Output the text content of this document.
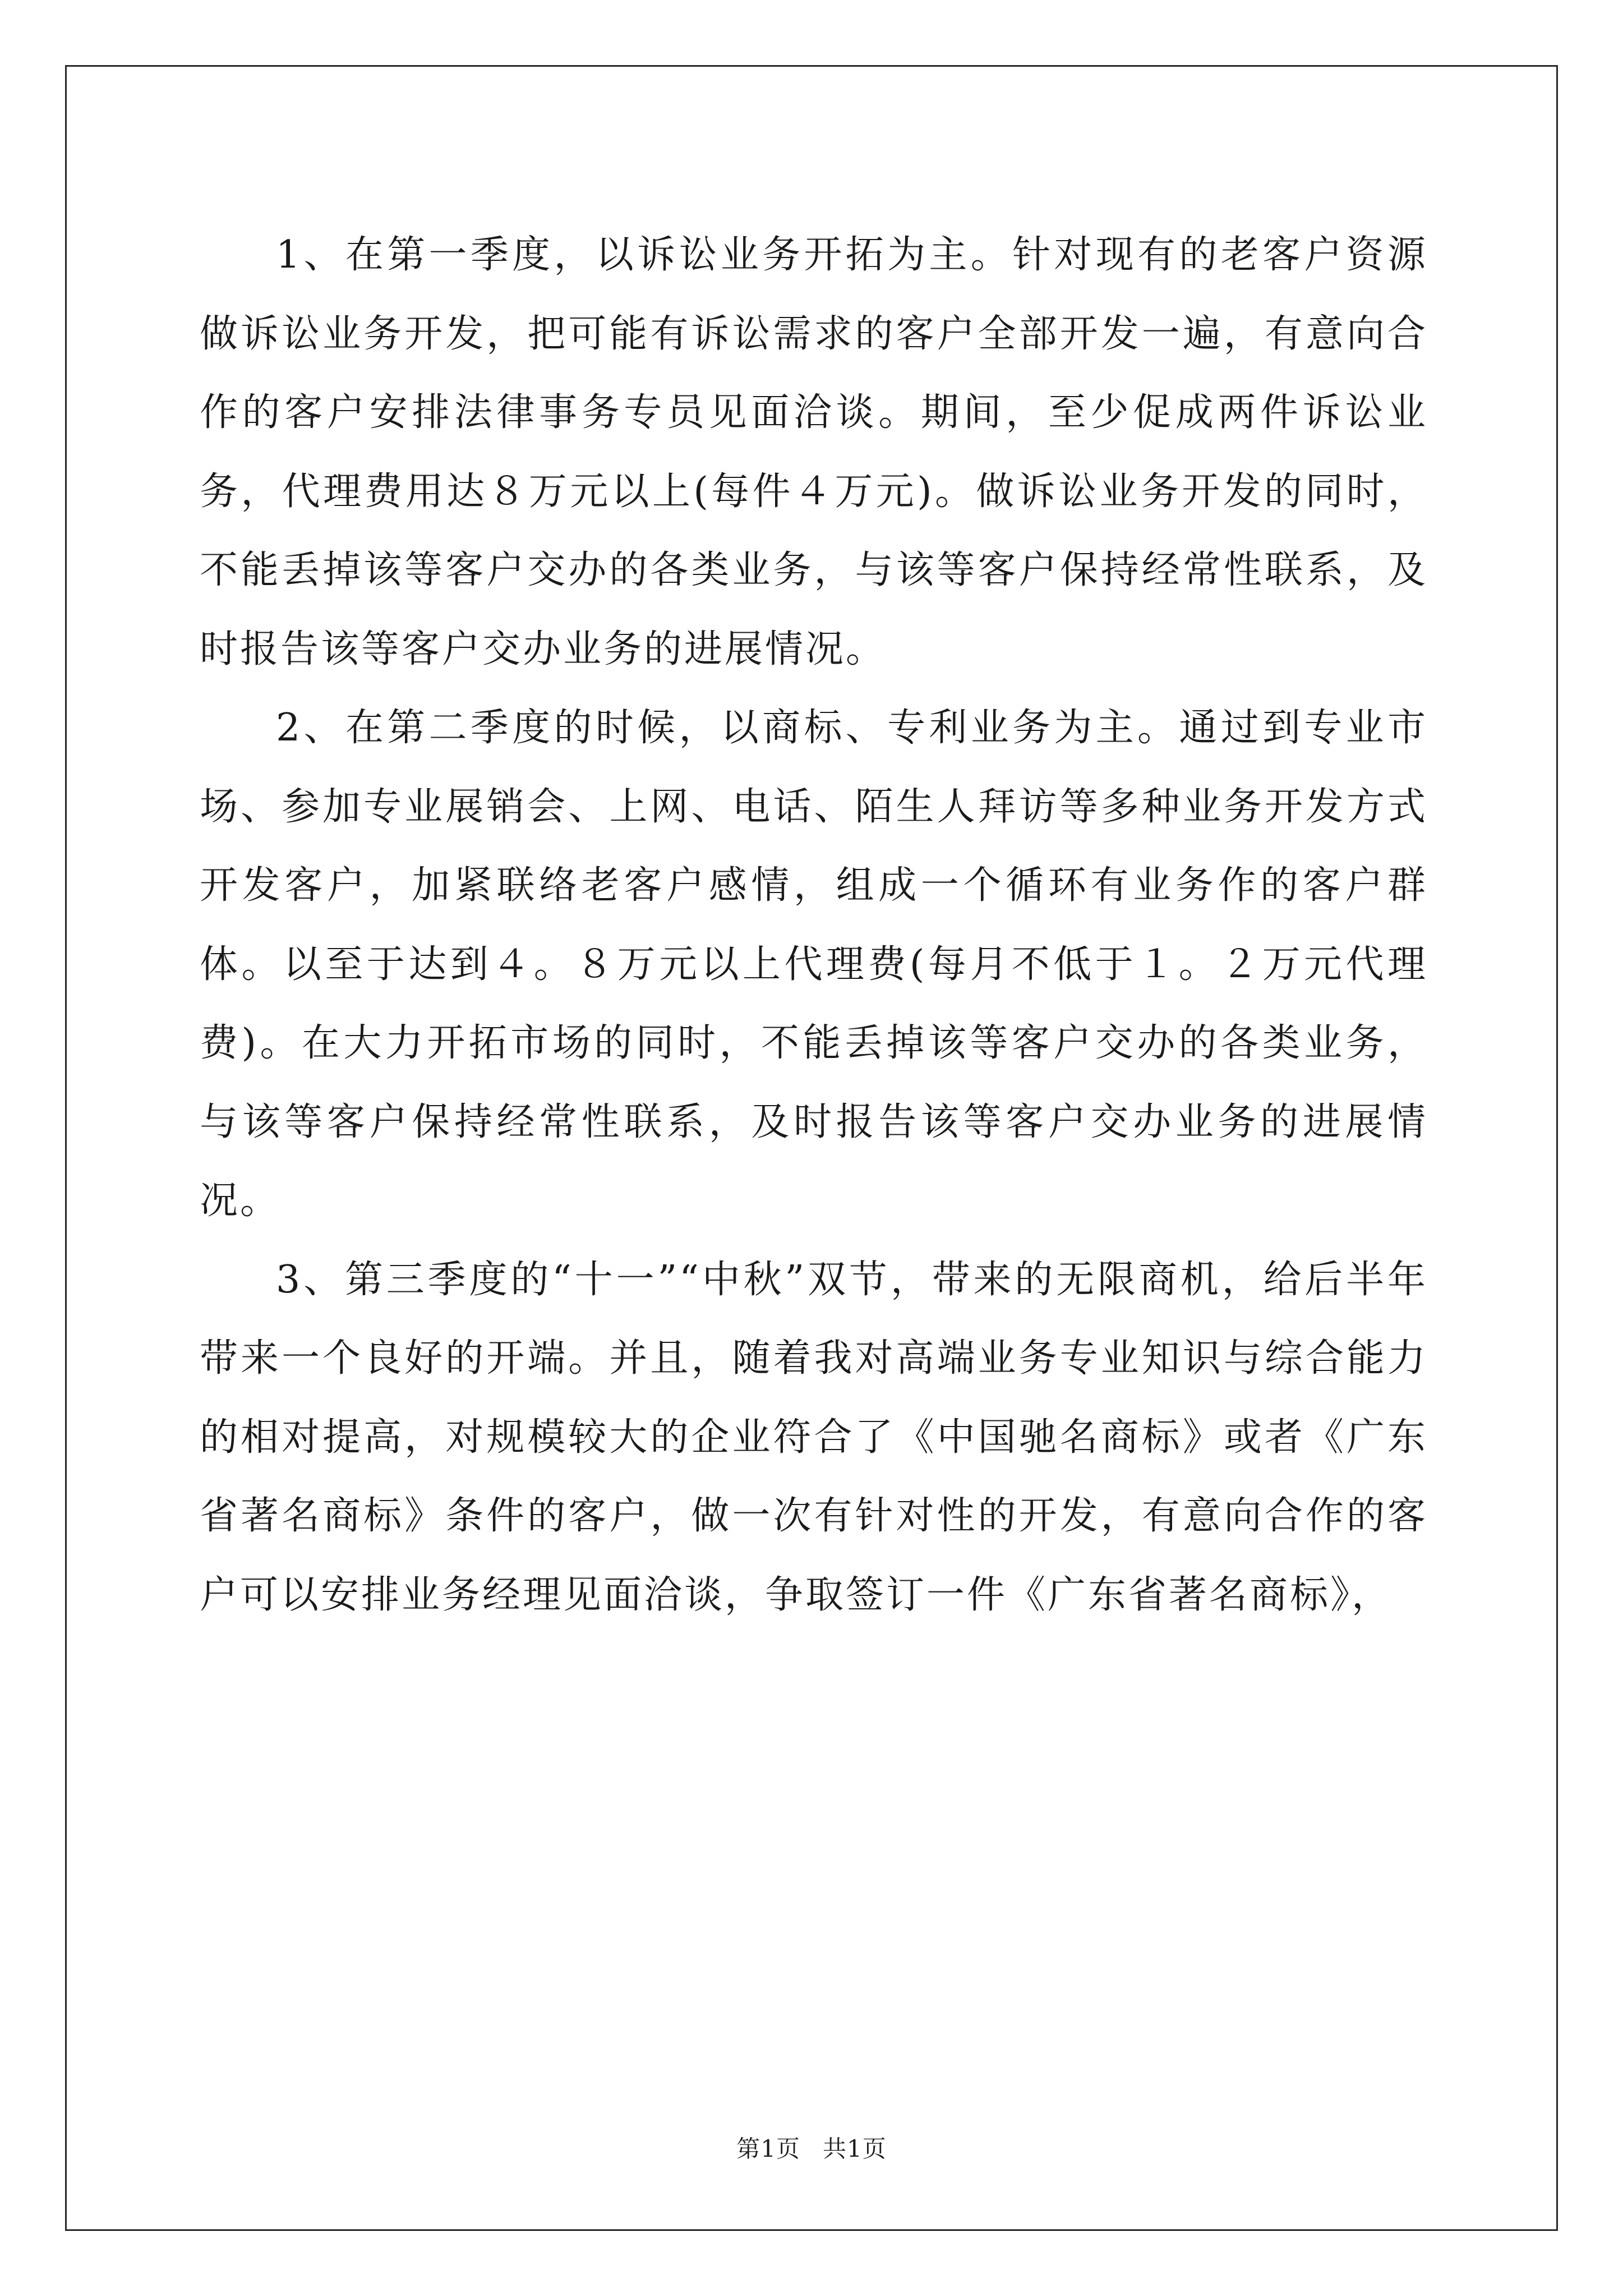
1、在第一季度，以诉讼业务开拓为主。针对现有的老客户资源做诉讼业务开发，把可能有诉讼需求的客户全部开发一遍，有意向合作的客户安排法律事务专员见面洽谈。期间，至少促成两件诉讼业务，代理费用达８万元以上(每件４万元)。做诉讼业务开发的同时，不能丢掉该等客户交办的各类业务，与该等客户保持经常性联系，及时报告该等客户交办业务的进展情况。

2、在第二季度的时候，以商标、专利业务为主。通过到专业市场、参加专业展销会、上网、电话、陌生人拜访等多种业务开发方式开发客户，加紧联络老客户感情，组成一个循环有业务作的客户群体。以至于达到４。８万元以上代理费(每月不低于１。２万元代理费)。在大力开拓市场的同时，不能丢掉该等客户交办的各类业务，与该等客户保持经常性联系，及时报告该等客户交办业务的进展情况。

3、第三季度的“十一”“中秋”双节，带来的无限商机，给后半年带来一个良好的开端。并且，随着我对高端业务专业知识与综合能力的相对提高，对规模较大的企业符合了《中国驰名商标》或者《广东省著名商标》条件的客户，做一次有针对性的开发，有意向合作的客户可以安排业务经理见面洽谈，争取签订一件《广东省著名商标》，

第1页 共1页
